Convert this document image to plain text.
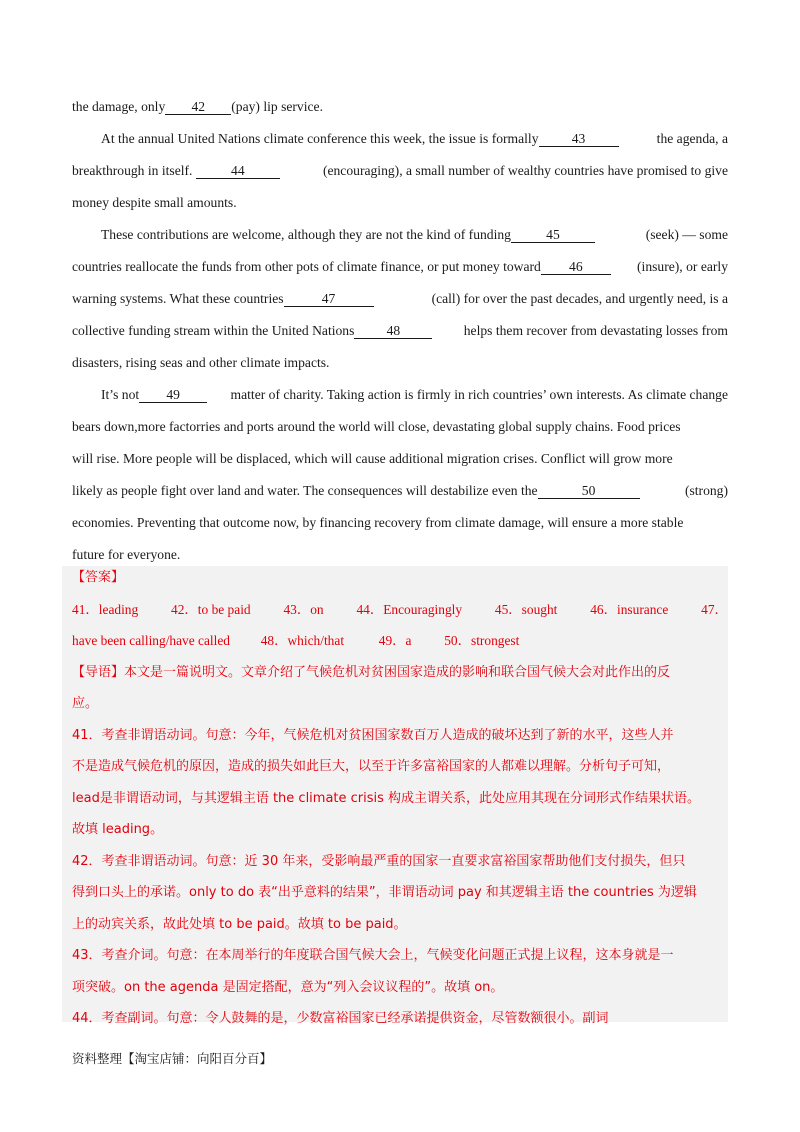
the damage, only 42 (pay) lip service.
At the annual United Nations climate conference this week, the issue is formally 43	the agenda, a
breakthrough in itself.	44	(encouraging), a small number of wealthy countries have promised to give
money despite small amounts.
These contributions are welcome, although they are not the kind of funding	45	(seek) — some
countries reallocate the funds from other pots of climate finance, or put money toward 46	(insure), or early
warning systems. What these countries	47	(call) for over the past decades, and urgently need, is a
collective funding stream within the United Nations 48	helps them recover from devastating losses from
disasters, rising seas and other climate impacts.
It’s not 49	matter of charity. Taking action is firmly in rich countries’ own interests. As climate change
bears down,more factorries and ports around the world will close, devastating global supply chains. Food prices
will rise. More people will be displaced, which will cause additional migration crises. Conflict will grow more
likely as people fight over land and water. The consequences will destabilize even the	50	(strong)
economies. Preventing that outcome now, by financing recovery from climate damage, will ensure a more stable
future for everyone.
【答案】
41．leading 42．to be paid 43．on 44．Encouragingly 45．sought 46．insurance 47．
have been calling/have called 48．which/that	49．a 50．strongest
【导语】本文是一篇说明文。文章介绍了气候危机对贫困国家造成的影响和联合国气候大会对此作出的反
应。
41．考查非谓语动词。句意：今年，气候危机对贫困国家数百万人造成的破坏达到了新的水平，这些人并
不是造成气候危机的原因，造成的损失如此巨大，以至于许多富裕国家的人都难以理解。分析句子可知，
lead是非谓语动词，与其逻辑主语 the climate crisis 构成主谓关系，此处应用其现在分词形式作结果状语。
故填 leading。
42．考查非谓语动词。句意：近 30 年来，受影响最严重的国家一直要求富裕国家帮助他们支付损失，但只
得到口头上的承诺。only to do 表“出乎意料的结果”，非谓语动词 pay 和其逻辑主语 the countries 为逻辑
上的动宾关系，故此处填 to be paid。故填 to be paid。
43．考查介词。句意：在本周举行的年度联合国气候大会上，气候变化问题正式提上议程，这本身就是一
项突破。on the agenda 是固定搭配，意为“列入会议议程的”。故填 on。
44．考查副词。句意：令人鼓舞的是，少数富裕国家已经承诺提供资金，尽管数额很小。副词
资料整理【淘宝店铺：向阳百分百】
